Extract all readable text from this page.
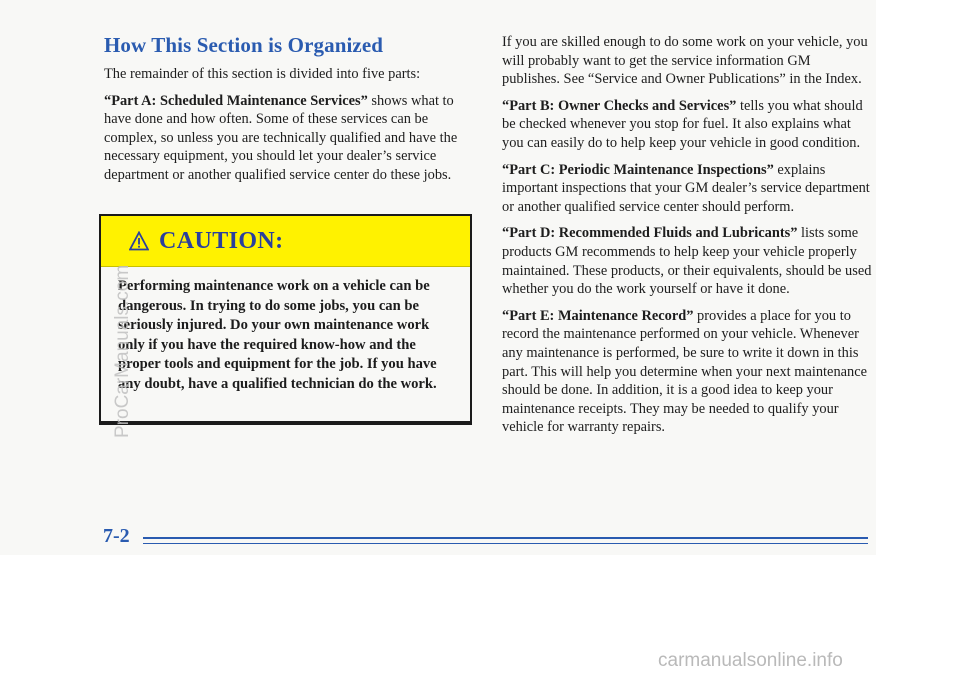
How This Section is Organized

The remainder of this section is divided into five parts:

“Part A: Scheduled Maintenance Services” shows what to have done and how often. Some of these services can be complex, so unless you are technically qualified and have the necessary equipment, you should let your dealer’s service department or another qualified service center do these jobs.

CAUTION:
Performing maintenance work on a vehicle can be dangerous. In trying to do some jobs, you can be seriously injured. Do your own maintenance work only if you have the required know-how and the proper tools and equipment for the job. If you have any doubt, have a qualified technician do the work.

If you are skilled enough to do some work on your vehicle, you will probably want to get the service information GM publishes. See “Service and Owner Publications” in the Index.

“Part B: Owner Checks and Services” tells you what should be checked whenever you stop for fuel. It also explains what you can easily do to help keep your vehicle in good condition.

“Part C: Periodic Maintenance Inspections” explains important inspections that your GM dealer’s service department or another qualified service center should perform.

“Part D: Recommended Fluids and Lubricants” lists some products GM recommends to help keep your vehicle properly maintained. These products, or their equivalents, should be used whether you do the work yourself or have it done.

“Part E: Maintenance Record” provides a place for you to record the maintenance performed on your vehicle. Whenever any maintenance is performed, be sure to write it down in this part. This will help you determine when your next maintenance should be done. In addition, it is a good idea to keep your maintenance receipts. They may be needed to qualify your vehicle for warranty repairs.

7-2
ProCarManuals.com
carmanualsonline.info
